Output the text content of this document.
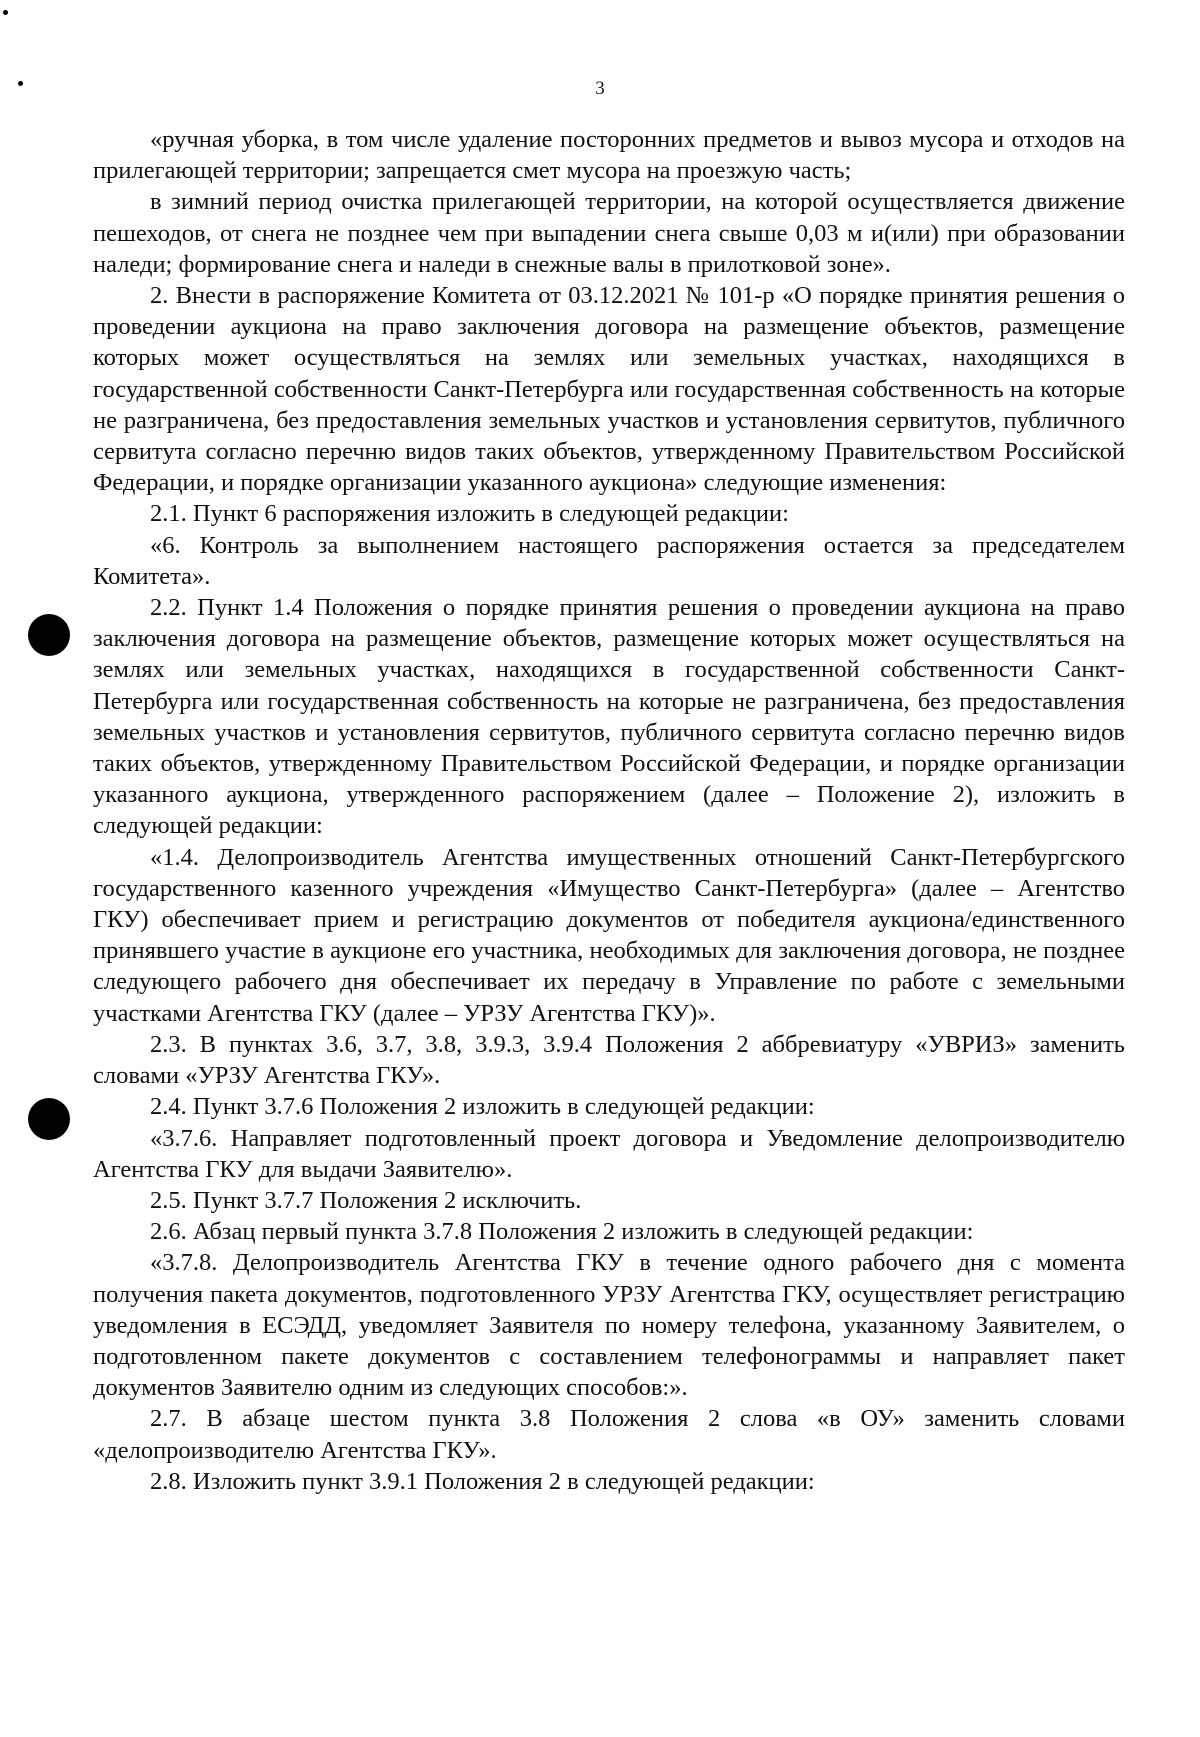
3

«ручная уборка, в том числе удаление посторонних предметов и вывоз мусора и отходов на прилегающей территории; запрещается смет мусора на проезжую часть;

в зимний период очистка прилегающей территории, на которой осуществляется движение пешеходов, от снега не позднее чем при выпадении снега свыше 0,03 м и(или) при образовании наледи; формирование снега и наледи в снежные валы в прилотковой зоне».

2. Внести в распоряжение Комитета от 03.12.2021 № 101-р «О порядке принятия решения о проведении аукциона на право заключения договора на размещение объектов, размещение которых может осуществляться на землях или земельных участках, находящихся в государственной собственности Санкт-Петербурга или государственная собственность на которые не разграничена, без предоставления земельных участков и установления сервитутов, публичного сервитута согласно перечню видов таких объектов, утвержденному Правительством Российской Федерации, и порядке организации указанного аукциона» следующие изменения:

2.1. Пункт 6 распоряжения изложить в следующей редакции:

«6. Контроль за выполнением настоящего распоряжения остается за председателем Комитета».

2.2. Пункт 1.4 Положения о порядке принятия решения о проведении аукциона на право заключения договора на размещение объектов, размещение которых может осуществляться на землях или земельных участках, находящихся в государственной собственности Санкт-Петербурга или государственная собственность на которые не разграничена, без предоставления земельных участков и установления сервитутов, публичного сервитута согласно перечню видов таких объектов, утвержденному Правительством Российской Федерации, и порядке организации указанного аукциона, утвержденного распоряжением (далее – Положение 2), изложить в следующей редакции:

«1.4. Делопроизводитель Агентства имущественных отношений Санкт-Петербургского государственного казенного учреждения «Имущество Санкт-Петербурга» (далее – Агентство ГКУ) обеспечивает прием и регистрацию документов от победителя аукциона/единственного принявшего участие в аукционе его участника, необходимых для заключения договора, не позднее следующего рабочего дня обеспечивает их передачу в Управление по работе с земельными участками Агентства ГКУ (далее – УРЗУ Агентства ГКУ)».

2.3. В пунктах 3.6, 3.7, 3.8, 3.9.3, 3.9.4 Положения 2 аббревиатуру «УВРИЗ» заменить словами «УРЗУ Агентства ГКУ».

2.4. Пункт 3.7.6 Положения 2 изложить в следующей редакции:

«3.7.6. Направляет подготовленный проект договора и Уведомление делопроизводителю Агентства ГКУ для выдачи Заявителю».

2.5. Пункт 3.7.7 Положения 2 исключить.

2.6. Абзац первый пункта 3.7.8 Положения 2 изложить в следующей редакции:

«3.7.8. Делопроизводитель Агентства ГКУ в течение одного рабочего дня с момента получения пакета документов, подготовленного УРЗУ Агентства ГКУ, осуществляет регистрацию уведомления в ЕСЭДД, уведомляет Заявителя по номеру телефона, указанному Заявителем, о подготовленном пакете документов с составлением телефонограммы и направляет пакет документов Заявителю одним из следующих способов:».

2.7. В абзаце шестом пункта 3.8 Положения 2 слова «в ОУ» заменить словами «делопроизводителю Агентства ГКУ».

2.8. Изложить пункт 3.9.1 Положения 2 в следующей редакции:
